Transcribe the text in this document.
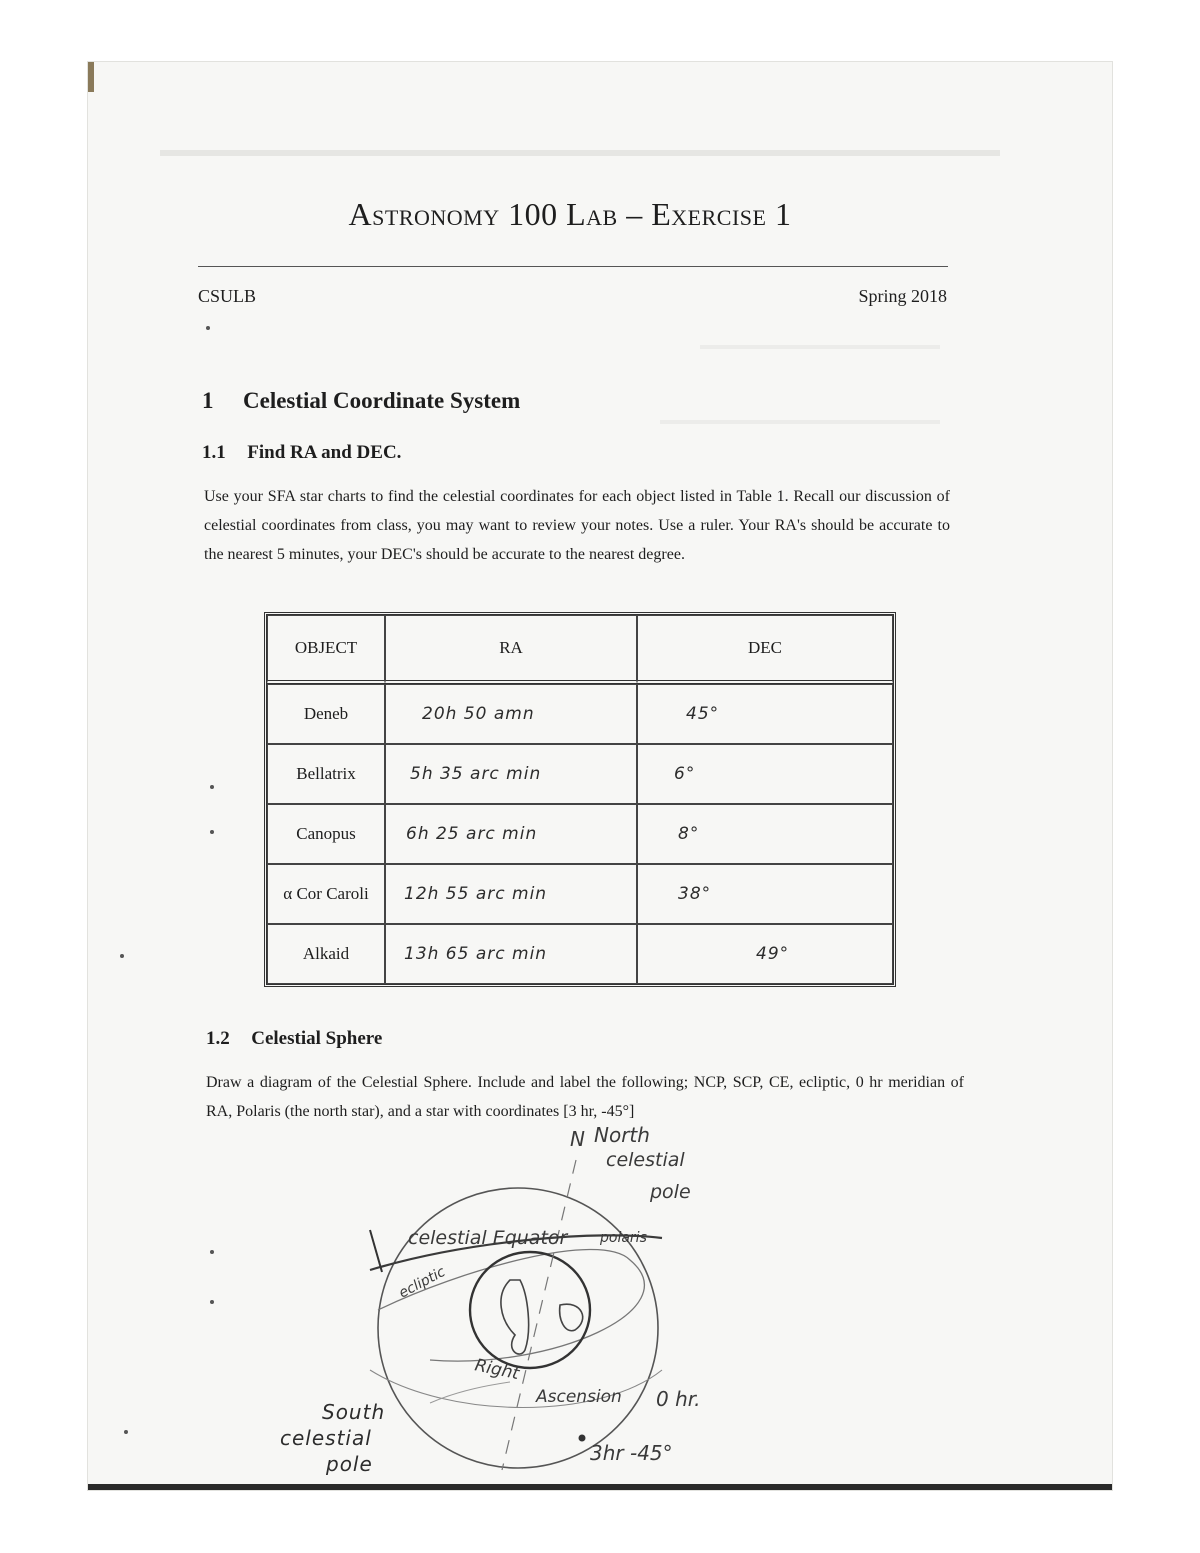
Astronomy 100 Lab – Exercise 1
CSULB	Spring 2018
1 Celestial Coordinate System
1.1 Find RA and DEC.
Use your SFA star charts to find the celestial coordinates for each object listed in Table 1. Recall our discussion of celestial coordinates from class, you may want to review your notes. Use a ruler. Your RA's should be accurate to the nearest 5 minutes, your DEC's should be accurate to the nearest degree.
OBJECT	RA	DEC
Deneb	20h 50 amn	45°
Bellatrix	5h 35 arc min	6°
Canopus	6h 25 arc min	8°
α Cor Caroli	12h 55 arc min	38°
Alkaid	13h 65 arc min	49°
1.2 Celestial Sphere
Draw a diagram of the Celestial Sphere. Include and label the following; NCP, SCP, CE, ecliptic, 0 hr meridian of RA, Polaris (the north star), and a star with coordinates [3 hr, -45°]
N North
celestial
pole
celestial Equator polaris
ecliptic
Right
Ascension 0 hr.
3hr -45°
South
celestial
pole
